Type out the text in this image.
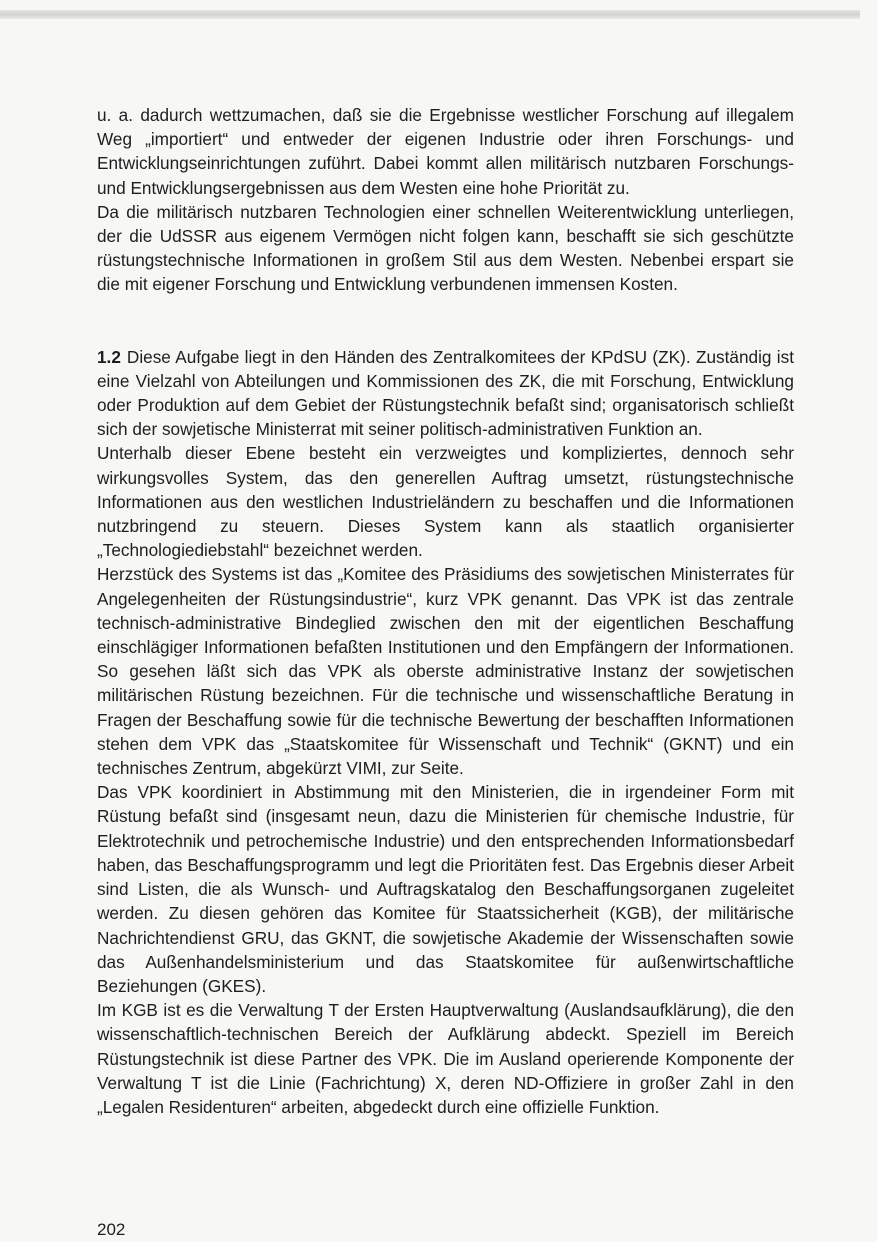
u. a. dadurch wettzumachen, daß sie die Ergebnisse westlicher Forschung auf illegalem Weg „importiert“ und entweder der eigenen Industrie oder ihren Forschungs- und Entwicklungseinrichtungen zuführt. Dabei kommt allen militärisch nutzbaren Forschungs- und Entwicklungsergebnissen aus dem Westen eine hohe Priorität zu.

Da die militärisch nutzbaren Technologien einer schnellen Weiterentwicklung unterliegen, der die UdSSR aus eigenem Vermögen nicht folgen kann, beschafft sie sich geschützte rüstungstechnische Informationen in großem Stil aus dem Westen. Nebenbei erspart sie die mit eigener Forschung und Entwicklung verbundenen immensen Kosten.

1.2 Diese Aufgabe liegt in den Händen des Zentralkomitees der KPdSU (ZK). Zuständig ist eine Vielzahl von Abteilungen und Kommissionen des ZK, die mit Forschung, Entwicklung oder Produktion auf dem Gebiet der Rüstungstechnik befaßt sind; organisatorisch schließt sich der sowjetische Ministerrat mit seiner politisch-administrativen Funktion an.

Unterhalb dieser Ebene besteht ein verzweigtes und kompliziertes, dennoch sehr wirkungsvolles System, das den generellen Auftrag umsetzt, rüstungstechnische Informationen aus den westlichen Industrieländern zu beschaffen und die Informationen nutzbringend zu steuern. Dieses System kann als staatlich organisierter „Technologiediebstahl“ bezeichnet werden.

Herzstück des Systems ist das „Komitee des Präsidiums des sowjetischen Ministerrates für Angelegenheiten der Rüstungsindustrie“, kurz VPK genannt. Das VPK ist das zentrale technisch-administrative Bindeglied zwischen den mit der eigentlichen Beschaffung einschlägiger Informationen befaßten Institutionen und den Empfängern der Informationen. So gesehen läßt sich das VPK als oberste administrative Instanz der sowjetischen militärischen Rüstung bezeichnen. Für die technische und wissenschaftliche Beratung in Fragen der Beschaffung sowie für die technische Bewertung der beschafften Informationen stehen dem VPK das „Staatskomitee für Wissenschaft und Technik“ (GKNT) und ein technisches Zentrum, abgekürzt VIMI, zur Seite.

Das VPK koordiniert in Abstimmung mit den Ministerien, die in irgendeiner Form mit Rüstung befaßt sind (insgesamt neun, dazu die Ministerien für chemische Industrie, für Elektrotechnik und petrochemische Industrie) und den entsprechenden Informationsbedarf haben, das Beschaffungsprogramm und legt die Prioritäten fest. Das Ergebnis dieser Arbeit sind Listen, die als Wunsch- und Auftragskatalog den Beschaffungsorganen zugeleitet werden. Zu diesen gehören das Komitee für Staatssicherheit (KGB), der militärische Nachrichtendienst GRU, das GKNT, die sowjetische Akademie der Wissenschaften sowie das Außenhandelsministerium und das Staatskomitee für außenwirtschaftliche Beziehungen (GKES).

Im KGB ist es die Verwaltung T der Ersten Hauptverwaltung (Auslandsaufklärung), die den wissenschaftlich-technischen Bereich der Aufklärung abdeckt. Speziell im Bereich Rüstungstechnik ist diese Partner des VPK. Die im Ausland operierende Komponente der Verwaltung T ist die Linie (Fachrichtung) X, deren ND-Offiziere in großer Zahl in den „Legalen Residenturen“ arbeiten, abgedeckt durch eine offizielle Funktion.

202
